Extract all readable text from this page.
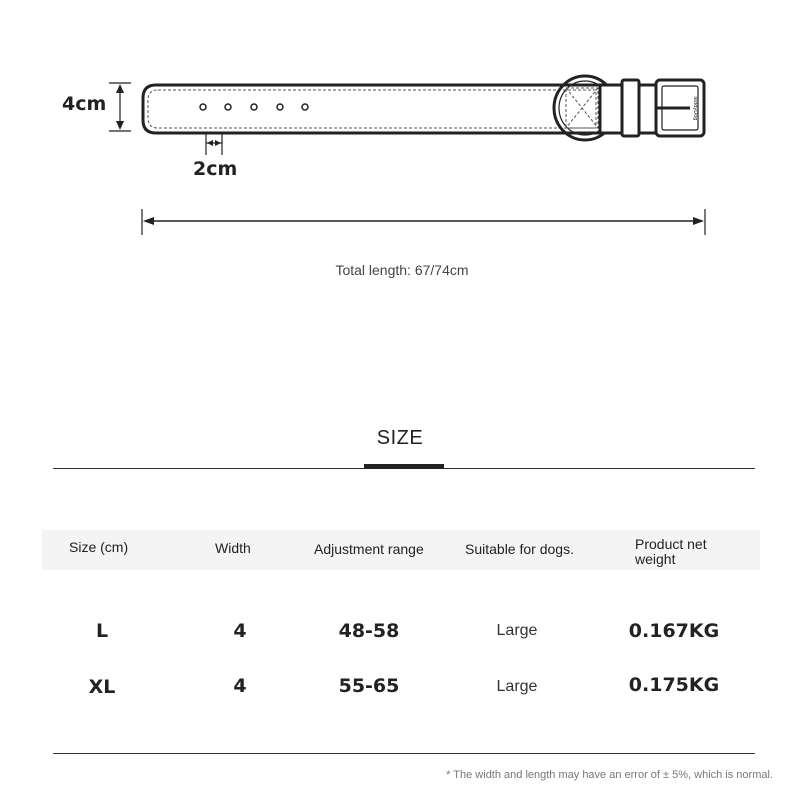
TeddyDog
4cm
2cm
Total length: 67/74cm
SIZE
Size (cm)	Width	Adjustment range	Suitable for dogs.	Product net weight
L	4	48-58	Large	0.167KG
XL	4	55-65	Large	0.175KG
* The width and length may have an error of ± 5%, which is normal.
